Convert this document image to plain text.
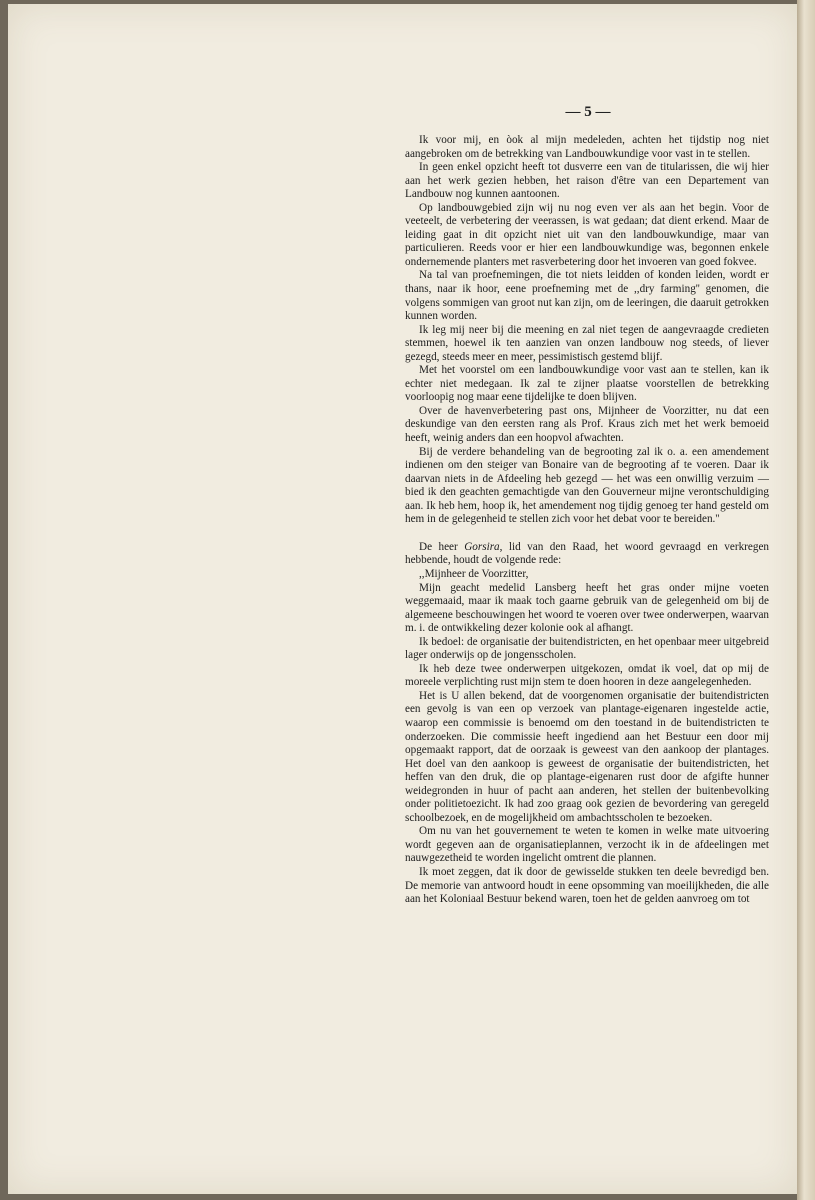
— 5 —

Ik voor mij, en òok al mijn medeleden, achten het tijdstip nog niet aangebroken om de betrekking van Landbouwkundige voor vast in te stellen.

In geen enkel opzicht heeft tot dusverre een van de titularissen, die wij hier aan het werk gezien hebben, het raison d'être van een Departement van Landbouw nog kunnen aantoonen.

Op landbouwgebied zijn wij nu nog even ver als aan het begin. Voor de veeteelt, de verbetering der veerassen, is wat gedaan; dat dient erkend. Maar de leiding gaat in dit opzicht niet uit van den landbouwkundige, maar van particulieren. Reeds voor er hier een landbouwkundige was, begonnen enkele ondernemende planters met rasverbetering door het invoeren van goed fokvee.

Na tal van proefnemingen, die tot niets leidden of konden leiden, wordt er thans, naar ik hoor, eene proefneming met de ,,dry farming'' genomen, die volgens sommigen van groot nut kan zijn, om de leeringen, die daaruit getrokken kunnen worden.

Ik leg mij neer bij die meening en zal niet tegen de aangevraagde credieten stemmen, hoewel ik ten aanzien van onzen landbouw nog steeds, of liever gezegd, steeds meer en meer, pessimistisch gestemd blijf.

Met het voorstel om een landbouwkundige voor vast aan te stellen, kan ik echter niet medegaan. Ik zal te zijner plaatse voorstellen de betrekking voorloopig nog maar eene tijdelijke te doen blijven.

Over de havenverbetering past ons, Mijnheer de Voorzitter, nu dat een deskundige van den eersten rang als Prof. Kraus zich met het werk bemoeid heeft, weinig anders dan een hoopvol afwachten.

Bij de verdere behandeling van de begrooting zal ik o. a. een amendement indienen om den steiger van Bonaire van de begrooting af te voeren. Daar ik daarvan niets in de Afdeeling heb gezegd — het was een onwillig verzuim — bied ik den geachten gemachtigde van den Gouverneur mijne verontschuldiging aan. Ik heb hem, hoop ik, het amendement nog tijdig genoeg ter hand gesteld om hem in de gelegenheid te stellen zich voor het debat voor te bereiden.''

De heer Gorsira, lid van den Raad, het woord gevraagd en verkregen hebbende, houdt de volgende rede:

,,Mijnheer de Voorzitter,

Mijn geacht medelid Lansberg heeft het gras onder mijne voeten weggemaaid, maar ik maak toch gaarne gebruik van de gelegenheid om bij de algemeene beschouwingen het woord te voeren over twee onderwerpen, waarvan m. i. de ontwikkeling dezer kolonie ook al afhangt.

Ik bedoel: de organisatie der buitendistricten, en het openbaar meer uitgebreid lager onderwijs op de jongensscholen.

Ik heb deze twee onderwerpen uitgekozen, omdat ik voel, dat op mij de moreele verplichting rust mijn stem te doen hooren in deze aangelegenheden.

Het is U allen bekend, dat de voorgenomen organisatie der buitendistricten een gevolg is van een op verzoek van plantage-eigenaren ingestelde actie, waarop een commissie is benoemd om den toestand in de buitendistricten te onderzoeken. Die commissie heeft ingediend aan het Bestuur een door mij opgemaakt rapport, dat de oorzaak is geweest van den aankoop der plantages. Het doel van den aankoop is geweest de organisatie der buitendistricten, het heffen van den druk, die op plantage-eigenaren rust door de afgifte hunner weidegronden in huur of pacht aan anderen, het stellen der buitenbevolking onder politietoezicht. Ik had zoo graag ook gezien de bevordering van geregeld schoolbezoek, en de mogelijkheid om ambachtsscholen te bezoeken.

Om nu van het gouvernement te weten te komen in welke mate uitvoering wordt gegeven aan de organisatieplannen, verzocht ik in de afdeelingen met nauwgezetheid te worden ingelicht omtrent die plannen.

Ik moet zeggen, dat ik door de gewisselde stukken ten deele bevredigd ben. De memorie van antwoord houdt in eene opsomming van moeilijkheden, die alle aan het Koloniaal Bestuur bekend waren, toen het de gelden aanvroeg om tot
